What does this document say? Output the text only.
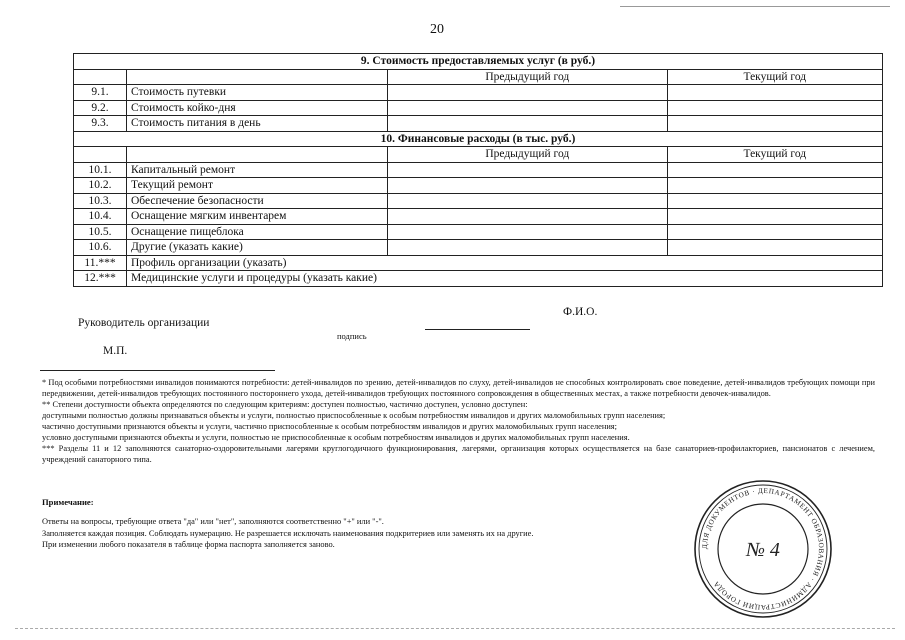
20
9. Стоимость предоставляемых услуг (в руб.)			
		Предыдущий год	Текущий год
9.1.	Стоимость путевки		
9.2.	Стоимость койко-дня		
9.3.	Стоимость питания в день		
10. Финансовые расходы (в тыс. руб.)			
		Предыдущий год	Текущий год
10.1.	Капитальный ремонт		
10.2.	Текущий ремонт		
10.3.	Обеспечение безопасности		
10.4.	Оснащение мягким инвентарем		
10.5.	Оснащение пищеблока		
10.6.	Другие (указать какие)		
11.***	Профиль организации (указать)		
12.***	Медицинские услуги и процедуры (указать какие)		
Ф.И.О.
Руководитель организации
подпись
М.П.

* Под особыми потребностями инвалидов понимаются потребности: детей-инвалидов по зрению, детей-инвалидов по слуху, детей-инвалидов не способных контролировать свое поведение, детей-инвалидов требующих помощи при передвижении, детей-инвалидов требующих постоянного постороннего ухода, детей-инвалидов требующих постоянного сопровождения в общественных местах, а также потребности девочек-инвалидов.

** Степени доступности объекта определяются по следующим критериям: доступен полностью, частично доступен, условно доступен:

доступными полностью должны признаваться объекты и услуги, полностью приспособленные к особым потребностям инвалидов и других маломобильных групп населения;

частично доступными признаются объекты и услуги, частично приспособленные к особым потребностям инвалидов и других маломобильных групп населения;

условно доступными признаются объекты и услуги, полностью не приспособленные к особым потребностям инвалидов и других маломобильных групп населения.

*** Разделы 11 и 12 заполняются санаторно-оздоровительными лагерями круглогодичного функционирования, лагерями, организация которых осуществляется на базе санаториев-профилакториев, пансионатов с лечением, учреждений санаторного типа.

Примечание:

Ответы на вопросы, требующие ответа "да" или "нет", заполняются соответственно "+" или "-".

Заполняется каждая позиция. Соблюдать нумерацию. Не разрешается исключать наименования подкритериев или заменять их на другие.

При изменении любого показателя в таблице форма паспорта заполняется заново.	ДЛЯ ДОКУМЕНТОВ · ДЕПАРТАМЕНТ ОБРАЗОВАНИЯ · АДМИНИСТРАЦИИ ГОРОДА
№ 4
